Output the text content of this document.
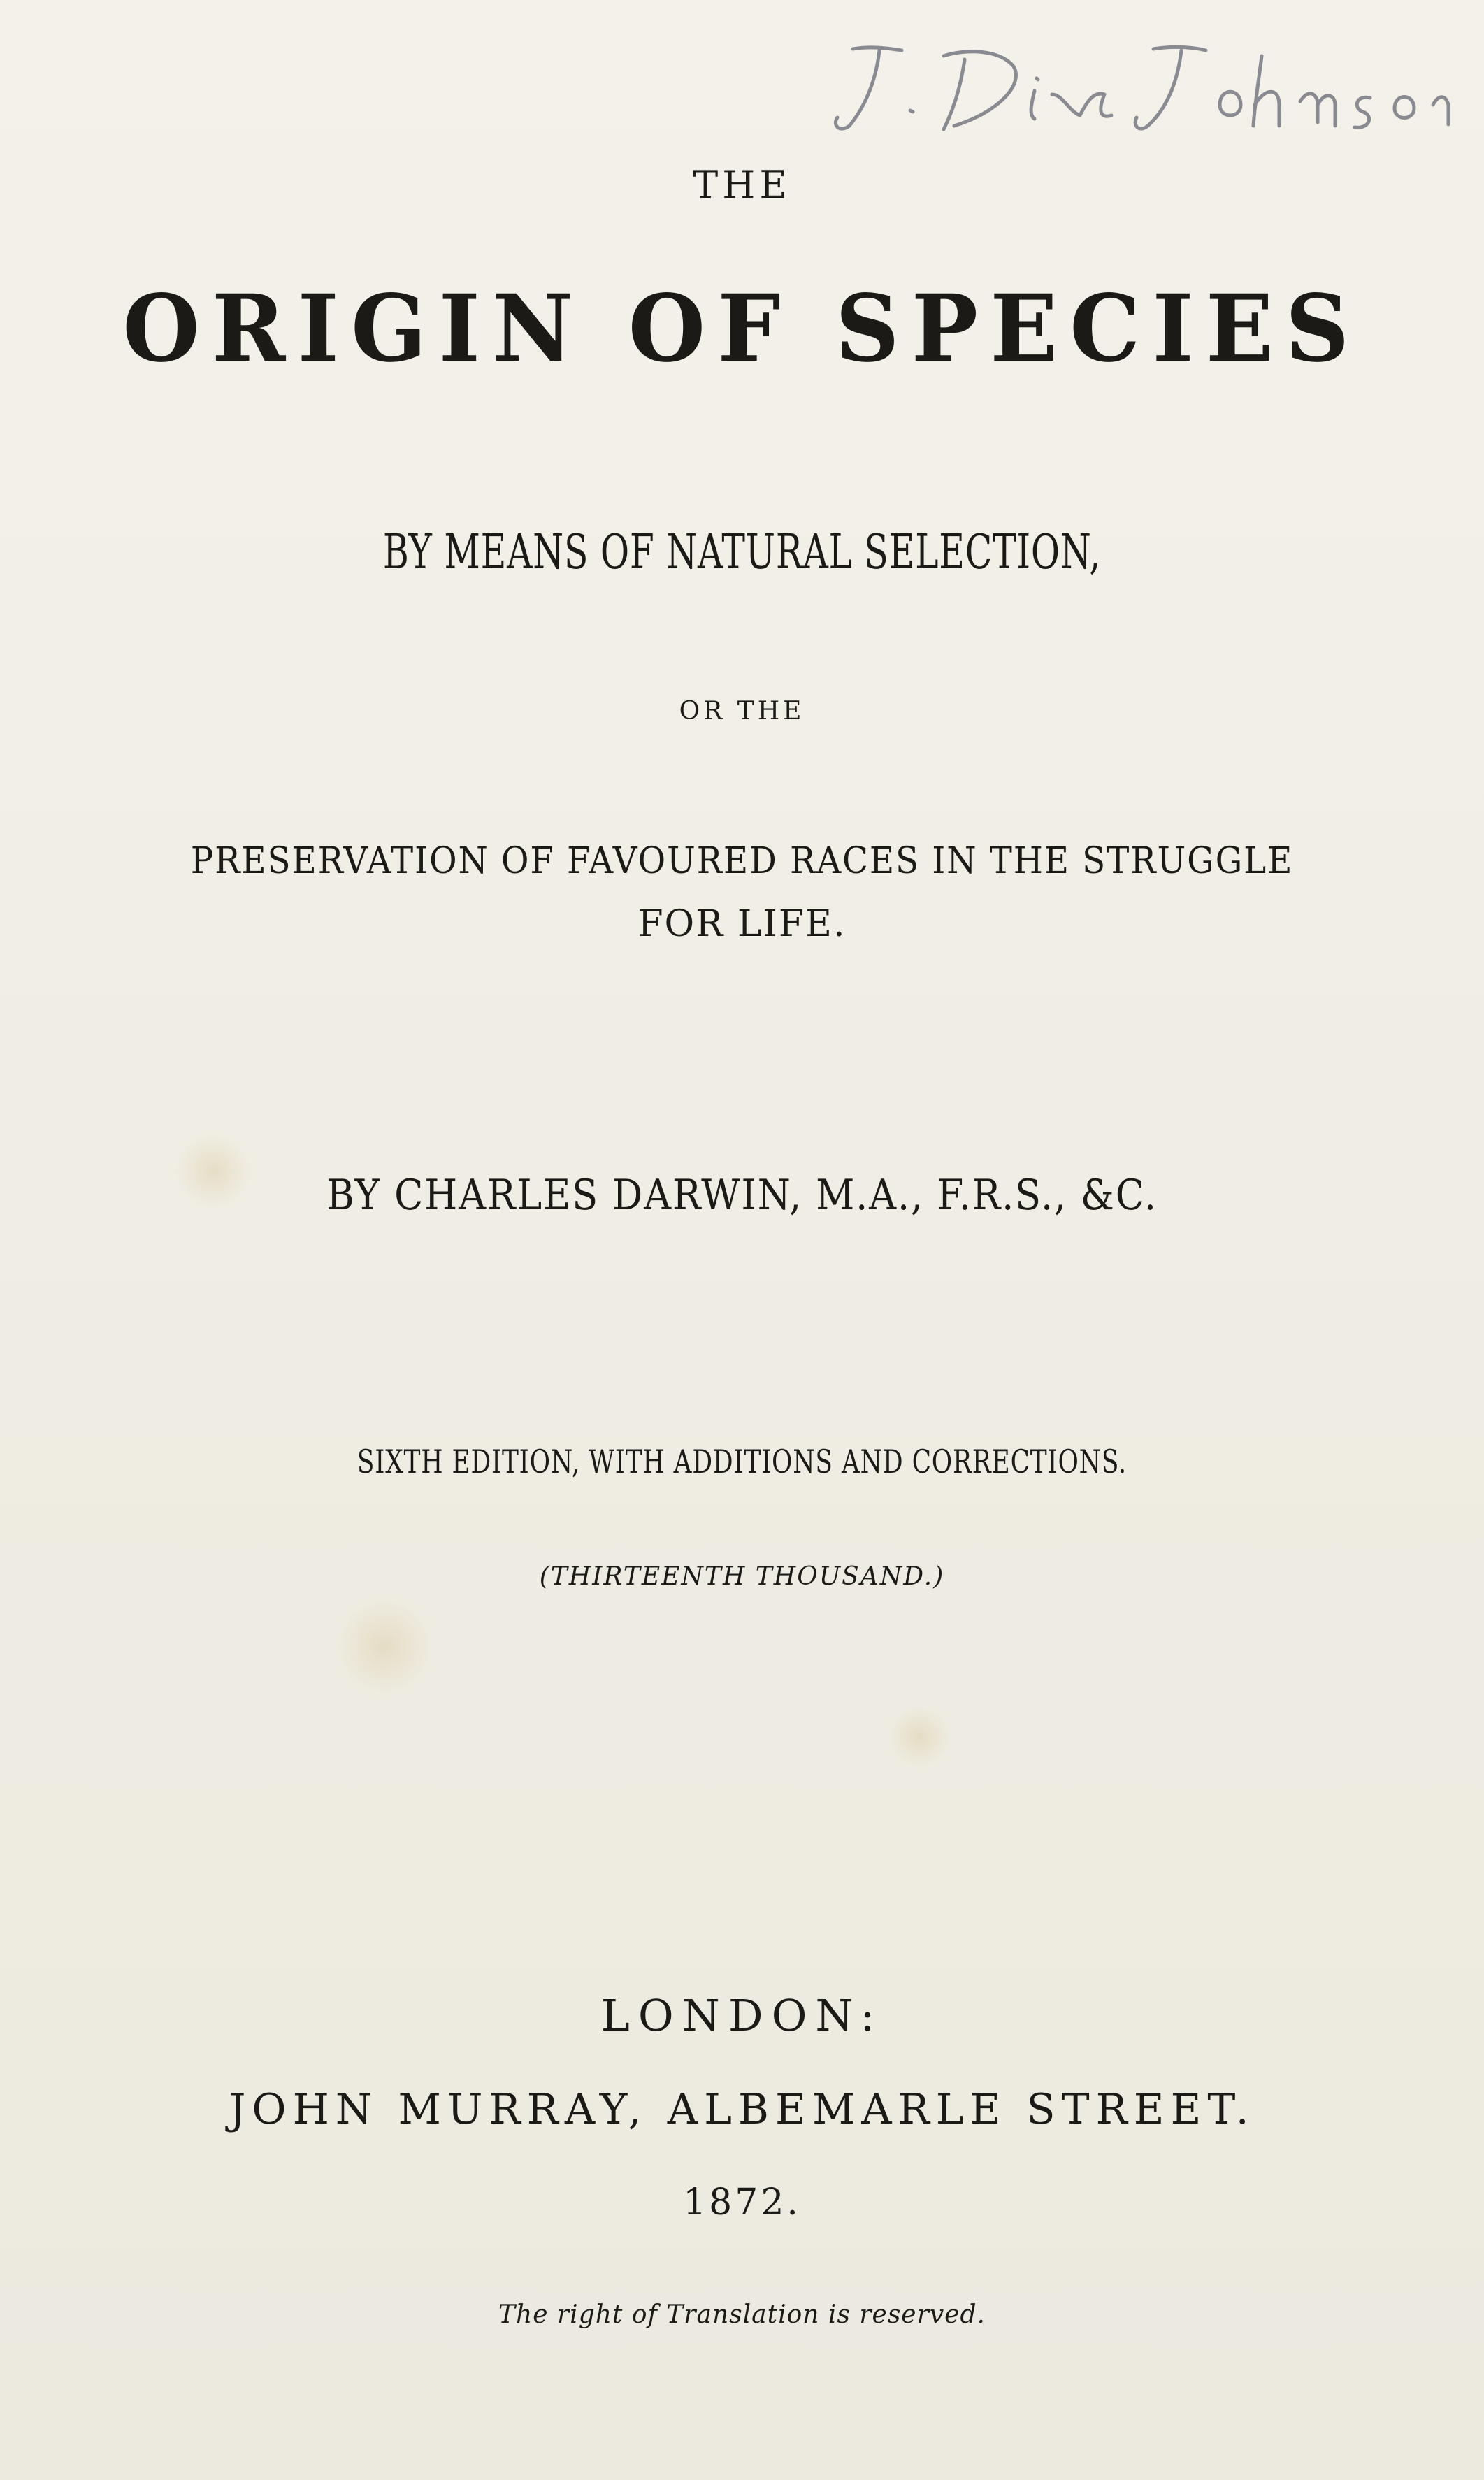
THE
ORIGIN OF SPECIES
BY MEANS OF NATURAL SELECTION,
OR THE
PRESERVATION OF FAVOURED RACES IN THE STRUGGLE
FOR LIFE.
BY CHARLES DARWIN, M.A., F.R.S., &C.
SIXTH EDITION, WITH ADDITIONS AND CORRECTIONS.
(THIRTEENTH THOUSAND.)
LONDON:
JOHN MURRAY, ALBEMARLE STREET.
1872.
The right of Translation is reserved.
